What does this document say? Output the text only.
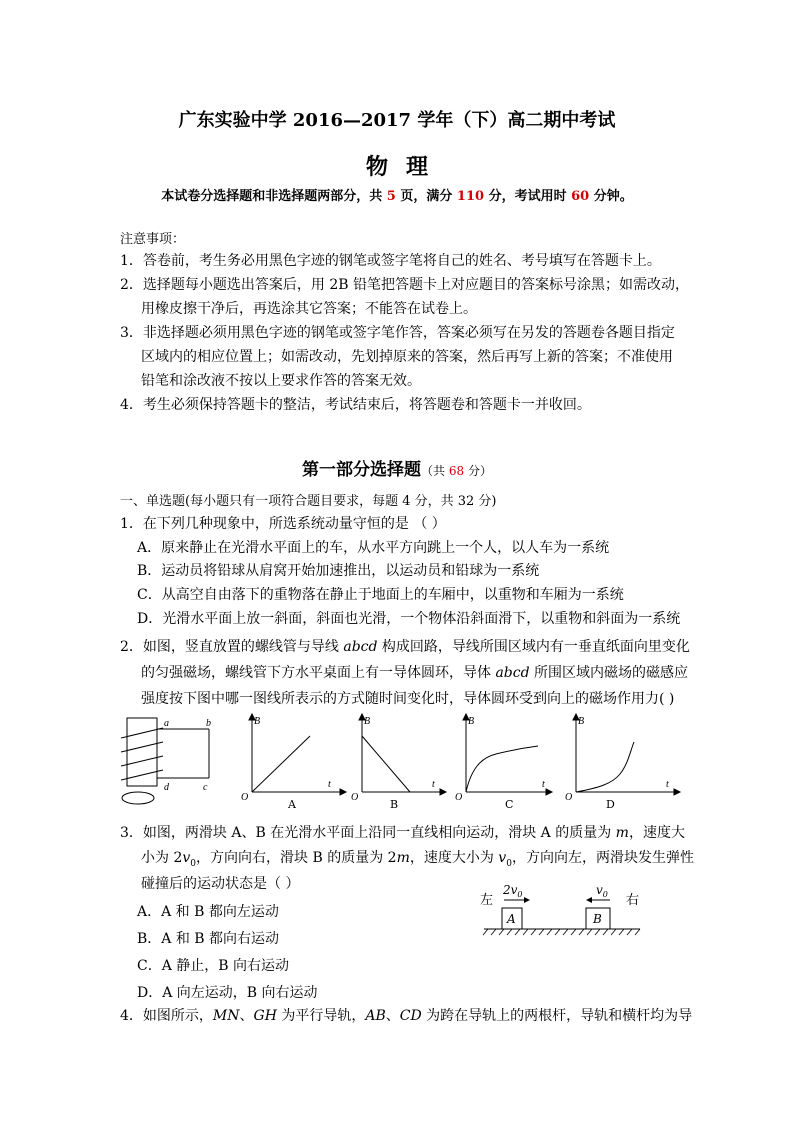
广东实验中学 2016—2017 学年（下）高二期中考试
物理
本试卷分选择题和非选择题两部分，共 5 页，满分 110 分，考试用时 60 分钟。
注意事项：
1．答卷前，考生务必用黑色字迹的钢笔或签字笔将自己的姓名、考号填写在答题卡上。
2．选择题每小题选出答案后，用 2B 铅笔把答题卡上对应题目的答案标号涂黑；如需改动，
用橡皮擦干净后，再选涂其它答案；不能答在试卷上。
3．非选择题必须用黑色字迹的钢笔或签字笔作答，答案必须写在另发的答题卷各题目指定
区域内的相应位置上；如需改动，先划掉原来的答案，然后再写上新的答案；不准使用
铅笔和涂改液不按以上要求作答的答案无效。
4．考生必须保持答题卡的整洁，考试结束后，将答题卷和答题卡一并收回。
第一部分选择题（共 68 分）
一、单选题(每小题只有一项符合题目要求，每题 4 分，共 32 分)
1．在下列几种现象中，所选系统动量守恒的是 （ ）
A．原来静止在光滑水平面上的车，从水平方向跳上一个人，以人车为一系统
B．运动员将铅球从肩窝开始加速推出，以运动员和铅球为一系统
C．从高空自由落下的重物落在静止于地面上的车厢中，以重物和车厢为一系统
D．光滑水平面上放一斜面，斜面也光滑，一个物体沿斜面滑下，以重物和斜面为一系统
2．如图，竖直放置的螺线管与导线 abcd 构成回路，导线所围区域内有一垂直纸面向里变化
的匀强磁场，螺线管下方水平桌面上有一导体圆环，导体 abcd 所围区域内磁场的磁感应
强度按下图中哪一图线所表示的方式随时间变化时，导体圆环受到向上的磁场作用力( )
a	b
c
d
B
t
O
A
B
t
O
B
B
t
O
C
B
t
O
D
3．如图，两滑块 A、B 在光滑水平面上沿同一直线相向运动，滑块 A 的质量为 m，速度大
小为 $2v_0$，方向向右，滑块 B 的质量为 2m，速度大小为 $v_0$，方向向左，两滑块发生弹性
碰撞后的运动状态是（ ）
A．A 和 B 都向左运动
B．A 和 B 都向右运动
C．A 静止，B 向右运动
D．A 向左运动，B 向右运动
A	B
$2v_0$	$v_0$
左	右
4．如图所示，MN、GH 为平行导轨，AB、CD 为跨在导轨上的两根杆，导轨和横杆均为导
